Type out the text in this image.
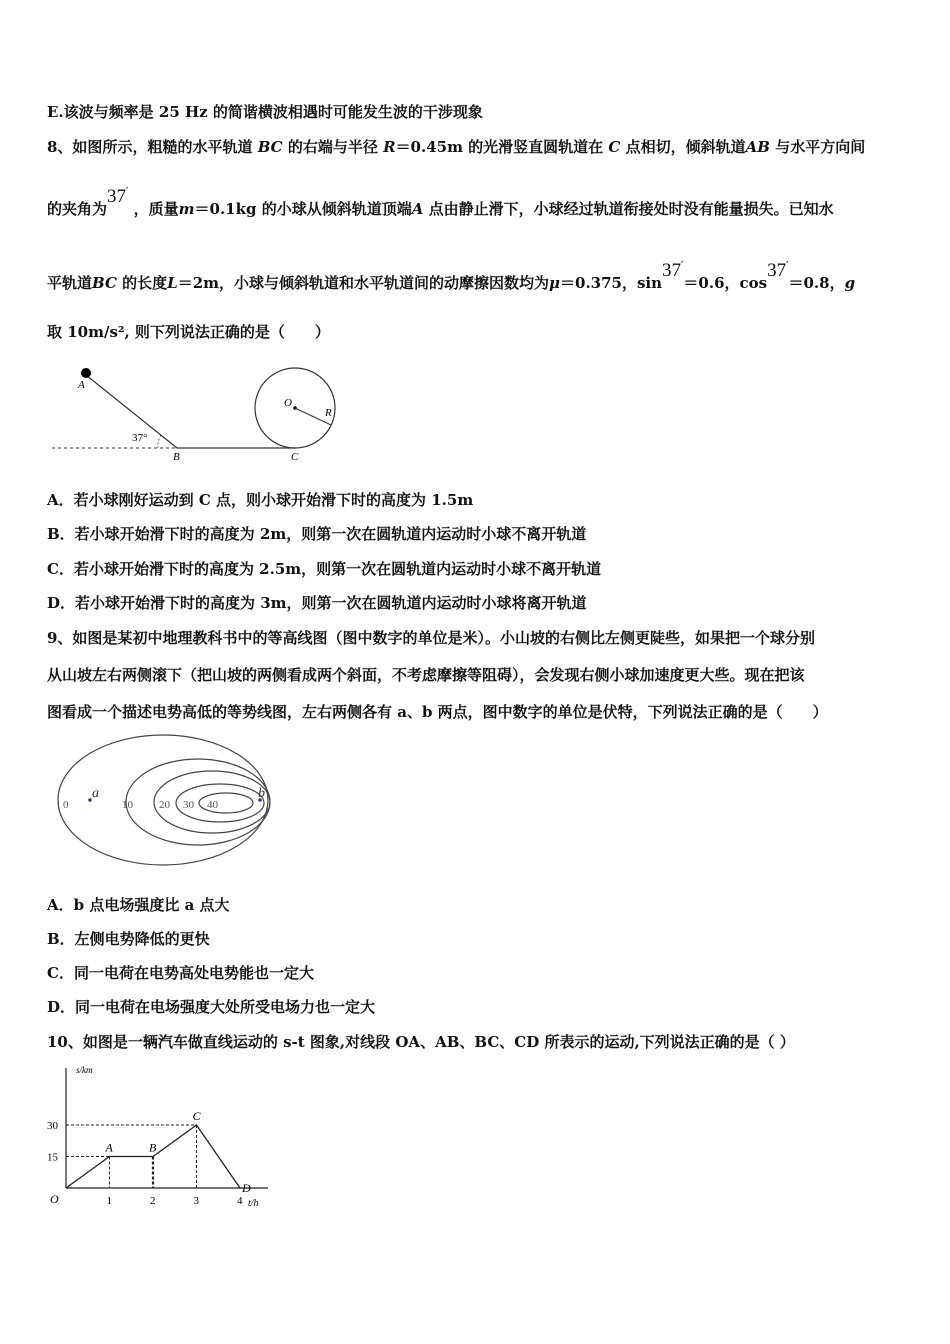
E.该波与频率是 25 Hz 的简谐横波相遇时可能发生波的干涉现象
8、如图所示，粗糙的水平轨道 BC 的右端与半径 R＝0.45m 的光滑竖直圆轨道在 C 点相切，倾斜轨道AB 与水平方向间
的夹角为37′ ，质量m＝0.1kg 的小球从倾斜轨道顶端A 点由静止滑下，小球经过轨道衔接处时没有能量损失。已知水
平轨道BC 的长度L＝2m，小球与倾斜轨道和水平轨道间的动摩擦因数均为μ＝0.375，sin37′＝0.6，cos37′＝0.8，g
取 10m/s², 则下列说法正确的是（　　）
A
B	C
O
R
37°
A．若小球刚好运动到 C 点，则小球开始滑下时的高度为 1.5m
B．若小球开始滑下时的高度为 2m，则第一次在圆轨道内运动时小球不离开轨道
C．若小球开始滑下时的高度为 2.5m，则第一次在圆轨道内运动时小球不离开轨道
D．若小球开始滑下时的高度为 3m，则第一次在圆轨道内运动时小球将离开轨道
9、如图是某初中地理教科书中的等高线图（图中数字的单位是米）。小山坡的右侧比左侧更陡些，如果把一个球分别
从山坡左右两侧滚下（把山坡的两侧看成两个斜面，不考虑摩擦等阻碍），会发现右侧小球加速度更大些。现在把该
图看成一个描述电势高低的等势线图，左右两侧各有 a、b 两点，图中数字的单位是伏特，下列说法正确的是（　　）
a	b
0	10 20 30 40
A．b 点电场强度比 a 点大
B．左侧电势降低的更快
C．同一电荷在电势高处电势能也一定大
D．同一电荷在电场强度大处所受电场力也一定大
10、如图是一辆汽车做直线运动的 s-t 图象,对线段 OA、AB、BC、CD 所表示的运动,下列说法正确的是（ ）
s/km
t/h
O	1	2	3	4
15
30
A	B
C
D
